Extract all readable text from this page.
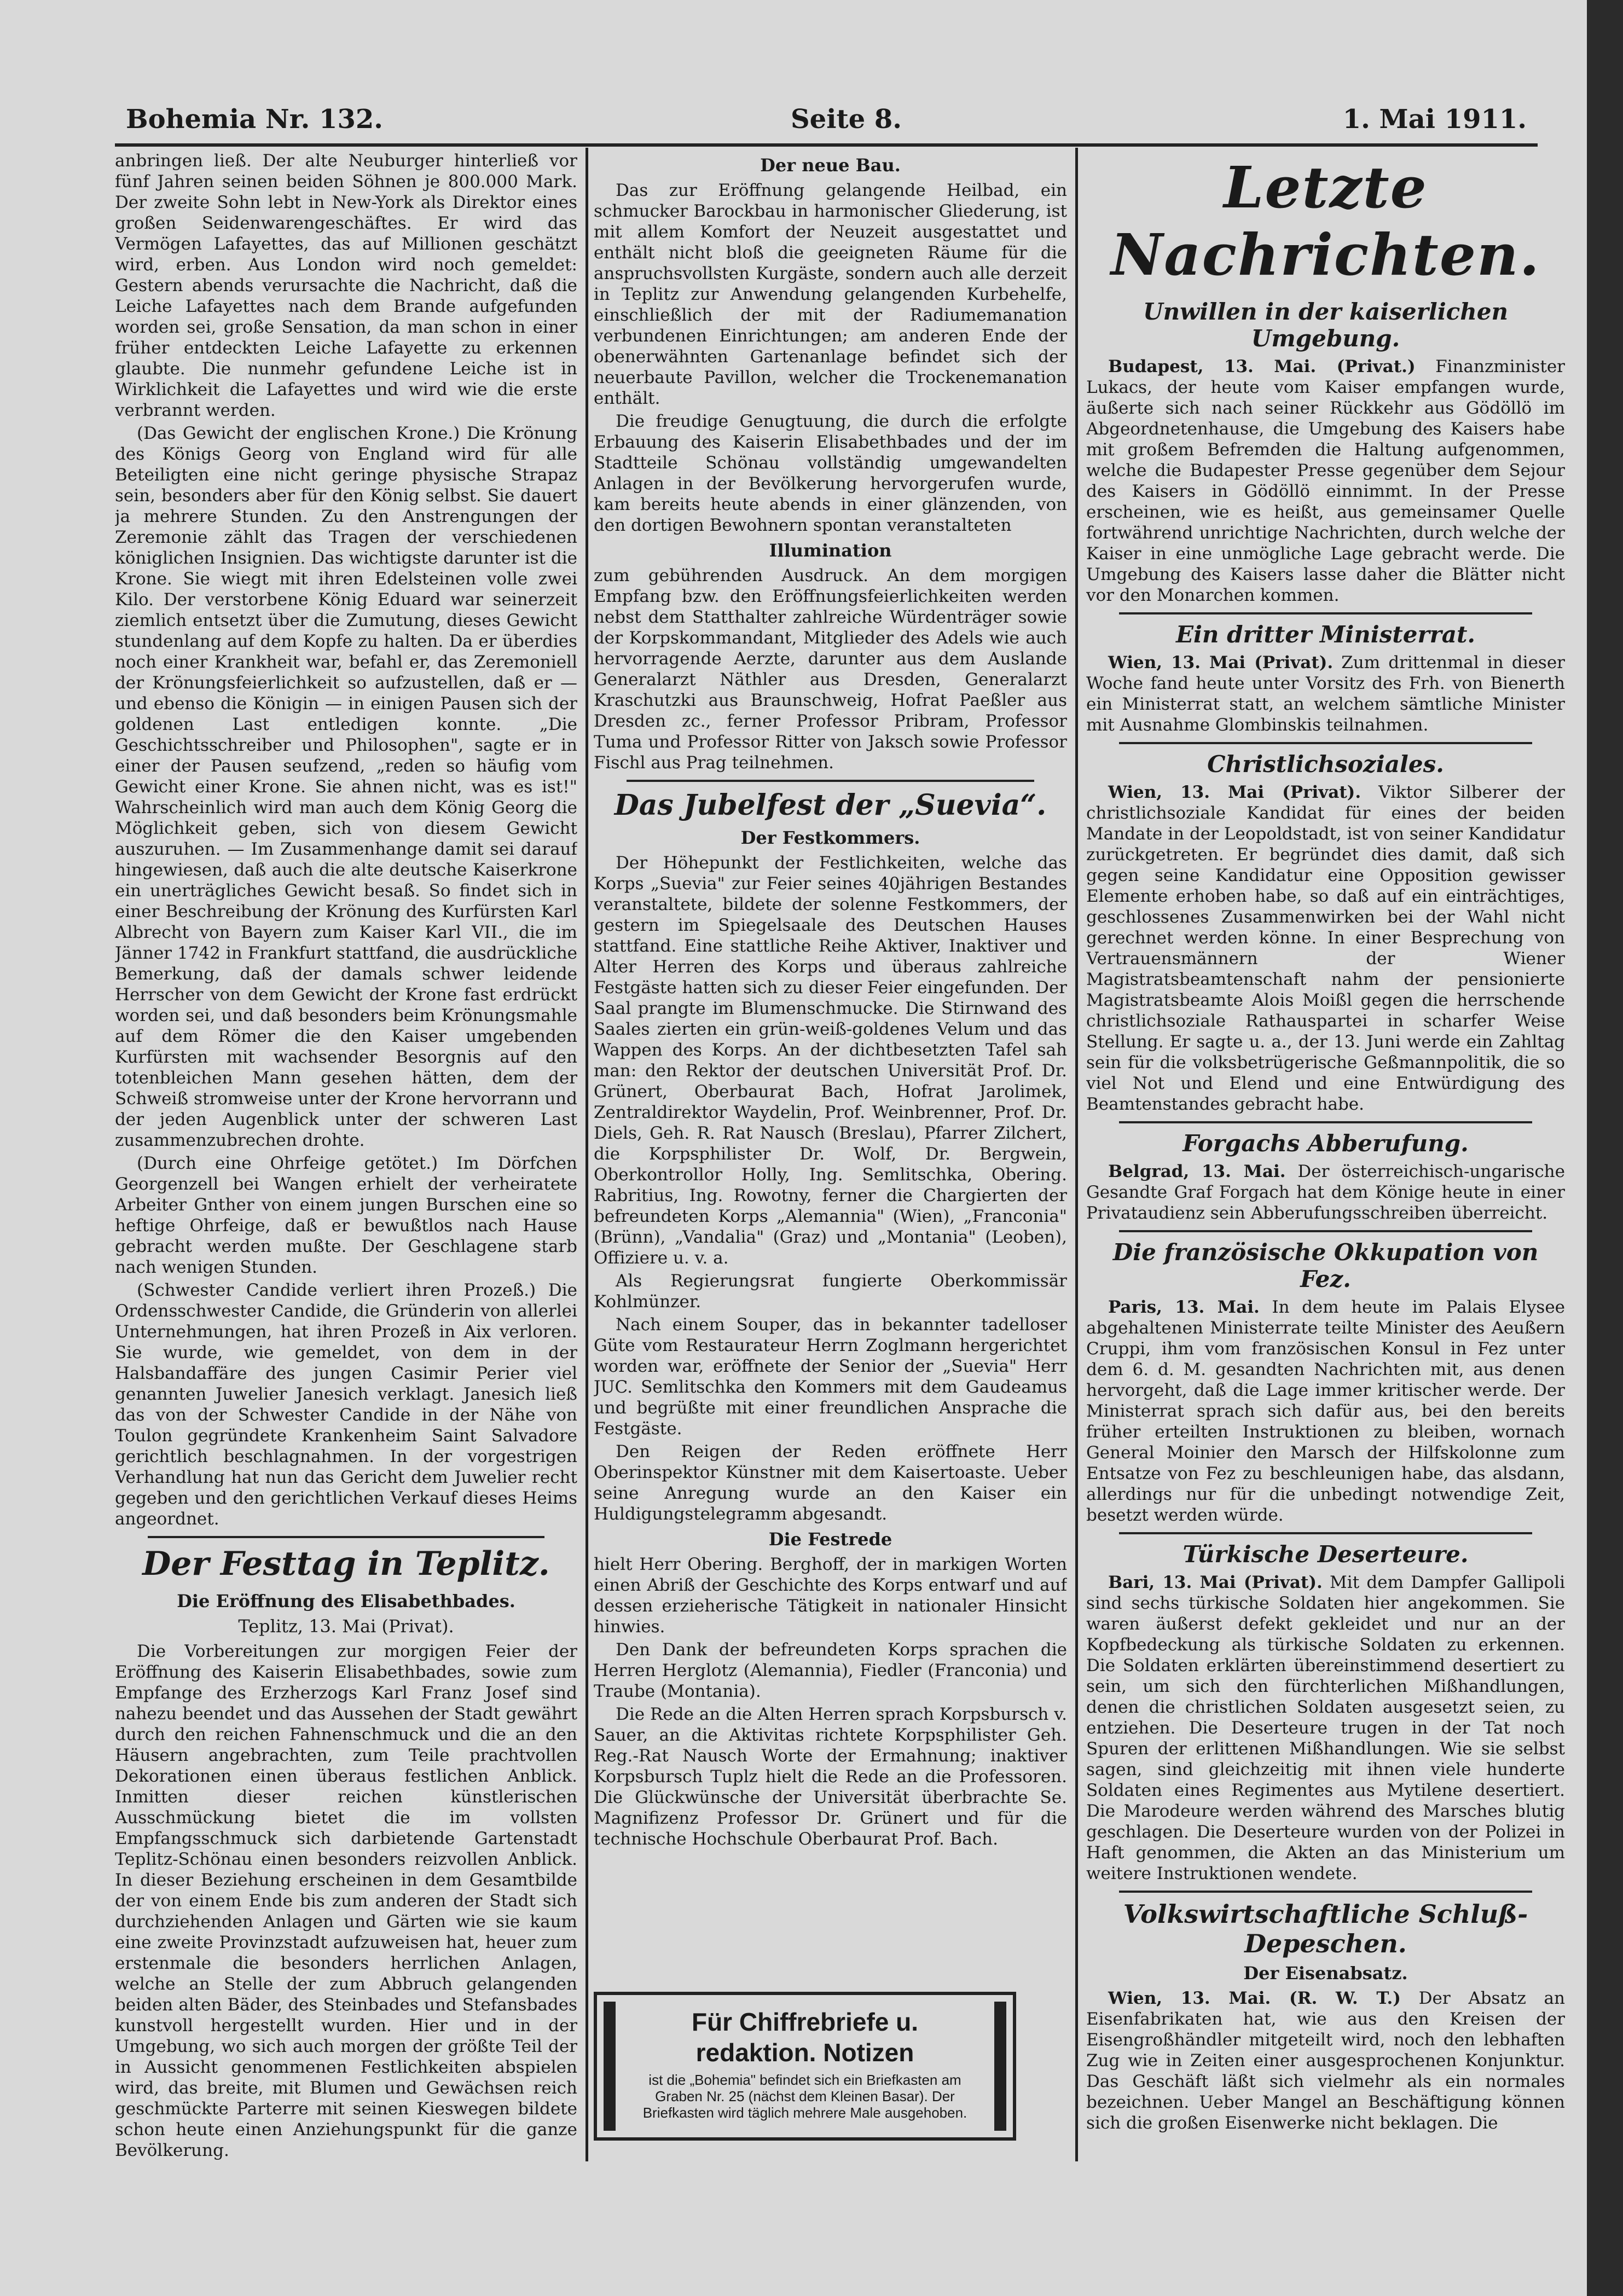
Bohemia Nr. 132.	Seite 8.	1. Mai 1911.

anbringen ließ. Der alte Neuburger hinterließ vor fünf Jahren seinen beiden Söhnen je 800.000 Mark. Der zweite Sohn lebt in New-York als Direktor eines großen Seidenwarengeschäftes. Er wird das Vermögen Lafayettes, das auf Millionen geschätzt wird, erben. Aus London wird noch gemeldet: Gestern abends verursachte die Nachricht, daß die Leiche Lafayettes nach dem Brande aufgefunden worden sei, große Sensation, da man schon in einer früher entdeckten Leiche Lafayette zu erkennen glaubte. Die nunmehr gefundene Leiche ist in Wirklichkeit die Lafayettes und wird wie die erste verbrannt werden.

(Das Gewicht der englischen Krone.) Die Krönung des Königs Georg von England wird für alle Beteiligten eine nicht geringe physische Strapaz sein, besonders aber für den König selbst. Sie dauert ja mehrere Stunden. Zu den Anstrengungen der Zeremonie zählt das Tragen der verschiedenen königlichen Insignien. Das wichtigste darunter ist die Krone. Sie wiegt mit ihren Edelsteinen volle zwei Kilo. Der verstorbene König Eduard war seinerzeit ziemlich entsetzt über die Zumutung, dieses Gewicht stundenlang auf dem Kopfe zu halten. Da er überdies noch einer Krankheit war, befahl er, das Zeremoniell der Krönungsfeierlichkeit so aufzustellen, daß er — und ebenso die Königin — in einigen Pausen sich der goldenen Last entledigen konnte. „Die Geschichtsschreiber und Philosophen", sagte er in einer der Pausen seufzend, „reden so häufig vom Gewicht einer Krone. Sie ahnen nicht, was es ist!" Wahrscheinlich wird man auch dem König Georg die Möglichkeit geben, sich von diesem Gewicht auszuruhen. — Im Zusammenhange damit sei darauf hingewiesen, daß auch die alte deutsche Kaiserkrone ein unerträgliches Gewicht besaß. So findet sich in einer Beschreibung der Krönung des Kurfürsten Karl Albrecht von Bayern zum Kaiser Karl VII., die im Jänner 1742 in Frankfurt stattfand, die ausdrückliche Bemerkung, daß der damals schwer leidende Herrscher von dem Gewicht der Krone fast erdrückt worden sei, und daß besonders beim Krönungsmahle auf dem Römer die den Kaiser umgebenden Kurfürsten mit wachsender Besorgnis auf den totenbleichen Mann gesehen hätten, dem der Schweiß stromweise unter der Krone hervorrann und der jeden Augenblick unter der schweren Last zusammenzubrechen drohte.

(Durch eine Ohrfeige getötet.) Im Dörfchen Georgenzell bei Wangen erhielt der verheiratete Arbeiter Gnther von einem jungen Burschen eine so heftige Ohrfeige, daß er bewußtlos nach Hause gebracht werden mußte. Der Geschlagene starb nach wenigen Stunden.

(Schwester Candide verliert ihren Prozeß.) Die Ordensschwester Candide, die Gründerin von allerlei Unternehmungen, hat ihren Prozeß in Aix verloren. Sie wurde, wie gemeldet, von dem in der Halsbandaffäre des jungen Casimir Perier viel genannten Juwelier Janesich verklagt. Janesich ließ das von der Schwester Candide in der Nähe von Toulon gegründete Krankenheim Saint Salvadore gerichtlich beschlagnahmen. In der vorgestrigen Verhandlung hat nun das Gericht dem Juwelier recht gegeben und den gerichtlichen Verkauf dieses Heims angeordnet.

Der Festtag in Teplitz.
Die Eröffnung des Elisabethbades.
Teplitz, 13. Mai (Privat).

Die Vorbereitungen zur morgigen Feier der Eröffnung des Kaiserin Elisabethbades, sowie zum Empfange des Erzherzogs Karl Franz Josef sind nahezu beendet und das Aussehen der Stadt gewährt durch den reichen Fahnenschmuck und die an den Häusern angebrachten, zum Teile prachtvollen Dekorationen einen überaus festlichen Anblick. Inmitten dieser reichen künstlerischen Ausschmückung bietet die im vollsten Empfangsschmuck sich darbietende Gartenstadt Teplitz-Schönau einen besonders reizvollen Anblick. In dieser Beziehung erscheinen in dem Gesamtbilde der von einem Ende bis zum anderen der Stadt sich durchziehenden Anlagen und Gärten wie sie kaum eine zweite Provinzstadt aufzuweisen hat, heuer zum erstenmale die besonders herrlichen Anlagen, welche an Stelle der zum Abbruch gelangenden beiden alten Bäder, des Steinbades und Stefansbades kunstvoll hergestellt wurden. Hier und in der Umgebung, wo sich auch morgen der größte Teil der in Aussicht genommenen Festlichkeiten abspielen wird, das breite, mit Blumen und Gewächsen reich geschmückte Parterre mit seinen Kieswegen bildete schon heute einen Anziehungspunkt für die ganze Bevölkerung.

Der neue Bau.

Das zur Eröffnung gelangende Heilbad, ein schmucker Barockbau in harmonischer Gliederung, ist mit allem Komfort der Neuzeit ausgestattet und enthält nicht bloß die geeigneten Räume für die anspruchsvollsten Kurgäste, sondern auch alle derzeit in Teplitz zur Anwendung gelangenden Kurbehelfe, einschließlich der mit der Radiumemanation verbundenen Einrichtungen; am anderen Ende der obenerwähnten Gartenanlage befindet sich der neuerbaute Pavillon, welcher die Trockenemanation enthält.

Die freudige Genugtuung, die durch die erfolgte Erbauung des Kaiserin Elisabethbades und der im Stadtteile Schönau vollständig umgewandelten Anlagen in der Bevölkerung hervorgerufen wurde, kam bereits heute abends in einer glänzenden, von den dortigen Bewohnern spontan veranstalteten

Illumination

zum gebührenden Ausdruck. An dem morgigen Empfang bzw. den Eröffnungsfeierlichkeiten werden nebst dem Statthalter zahlreiche Würdenträger sowie der Korpskommandant, Mitglieder des Adels wie auch hervorragende Aerzte, darunter aus dem Auslande Generalarzt Näthler aus Dresden, Generalarzt Kraschutzki aus Braunschweig, Hofrat Paeßler aus Dresden zc., ferner Professor Pribram, Professor Tuma und Professor Ritter von Jaksch sowie Professor Fischl aus Prag teilnehmen.

Das Jubelfest der „Suevia“.
Der Festkommers.

Der Höhepunkt der Festlichkeiten, welche das Korps „Suevia" zur Feier seines 40jährigen Bestandes veranstaltete, bildete der solenne Festkommers, der gestern im Spiegelsaale des Deutschen Hauses stattfand. Eine stattliche Reihe Aktiver, Inaktiver und Alter Herren des Korps und überaus zahlreiche Festgäste hatten sich zu dieser Feier eingefunden. Der Saal prangte im Blumenschmucke. Die Stirnwand des Saales zierten ein grün-weiß-goldenes Velum und das Wappen des Korps. An der dichtbesetzten Tafel sah man: den Rektor der deutschen Universität Prof. Dr. Grünert, Oberbaurat Bach, Hofrat Jarolimek, Zentraldirektor Waydelin, Prof. Weinbrenner, Prof. Dr. Diels, Geh. R. Rat Nausch (Breslau), Pfarrer Zilchert, die Korpsphilister Dr. Wolf, Dr. Bergwein, Oberkontrollor Holly, Ing. Semlitschka, Obering. Rabritius, Ing. Rowotny, ferner die Chargierten der befreundeten Korps „Alemannia" (Wien), „Franconia" (Brünn), „Vandalia" (Graz) und „Montania" (Leoben), Offiziere u. v. a.

Als Regierungsrat fungierte Oberkommissär Kohlmünzer.

Nach einem Souper, das in bekannter tadelloser Güte vom Restaurateur Herrn Zoglmann hergerichtet worden war, eröffnete der Senior der „Suevia" Herr JUC. Semlitschka den Kommers mit dem Gaudeamus und begrüßte mit einer freundlichen Ansprache die Festgäste.

Den Reigen der Reden eröffnete Herr Oberinspektor Künstner mit dem Kaisertoaste. Ueber seine Anregung wurde an den Kaiser ein Huldigungstelegramm abgesandt.

Die Festrede

hielt Herr Obering. Berghoff, der in markigen Worten einen Abriß der Geschichte des Korps entwarf und auf dessen erzieherische Tätigkeit in nationaler Hinsicht hinwies.

Den Dank der befreundeten Korps sprachen die Herren Herglotz (Alemannia), Fiedler (Franconia) und Traube (Montania).

Die Rede an die Alten Herren sprach Korpsbursch v. Sauer, an die Aktivitas richtete Korpsphilister Geh. Reg.-Rat Nausch Worte der Ermahnung; inaktiver Korpsbursch Tuplz hielt die Rede an die Professoren. Die Glückwünsche der Universität überbrachte Se. Magnifizenz Professor Dr. Grünert und für die technische Hochschule Oberbaurat Prof. Bach.

Für Chiffrebriefe u.
redaktion. Notizen
ist die „Bohemia" befindet sich ein Briefkasten am Graben Nr. 25 (nächst dem Kleinen Basar). Der Briefkasten wird täglich mehrere Male ausgehoben.
Letzte Nachrichten.
Unwillen in der kaiserlichen Umgebung.

Budapest, 13. Mai. (Privat.) Finanzminister Lukacs, der heute vom Kaiser empfangen wurde, äußerte sich nach seiner Rückkehr aus Gödöllö im Abgeordnetenhause, die Umgebung des Kaisers habe mit großem Befremden die Haltung aufgenommen, welche die Budapester Presse gegenüber dem Sejour des Kaisers in Gödöllö einnimmt. In der Presse erscheinen, wie es heißt, aus gemeinsamer Quelle fortwährend unrichtige Nachrichten, durch welche der Kaiser in eine unmögliche Lage gebracht werde. Die Umgebung des Kaisers lasse daher die Blätter nicht vor den Monarchen kommen.

Ein dritter Ministerrat.

Wien, 13. Mai (Privat). Zum drittenmal in dieser Woche fand heute unter Vorsitz des Frh. von Bienerth ein Ministerrat statt, an welchem sämtliche Minister mit Ausnahme Glombinskis teilnahmen.

Christlichsoziales.

Wien, 13. Mai (Privat). Viktor Silberer der christlichsoziale Kandidat für eines der beiden Mandate in der Leopoldstadt, ist von seiner Kandidatur zurückgetreten. Er begründet dies damit, daß sich gegen seine Kandidatur eine Opposition gewisser Elemente erhoben habe, so daß auf ein einträchtiges, geschlossenes Zusammenwirken bei der Wahl nicht gerechnet werden könne. In einer Besprechung von Vertrauensmännern der Wiener Magistratsbeamtenschaft nahm der pensionierte Magistratsbeamte Alois Moißl gegen die herrschende christlichsoziale Rathauspartei in scharfer Weise Stellung. Er sagte u. a., der 13. Juni werde ein Zahltag sein für die volksbetrügerische Geßmannpolitik, die so viel Not und Elend und eine Entwürdigung des Beamtenstandes gebracht habe.

Forgachs Abberufung.

Belgrad, 13. Mai. Der österreichisch-ungarische Gesandte Graf Forgach hat dem Könige heute in einer Privataudienz sein Abberufungsschreiben überreicht.

Die französische Okkupation von Fez.

Paris, 13. Mai. In dem heute im Palais Elysee abgehaltenen Ministerrate teilte Minister des Aeußern Cruppi, ihm vom französischen Konsul in Fez unter dem 6. d. M. gesandten Nachrichten mit, aus denen hervorgeht, daß die Lage immer kritischer werde. Der Ministerrat sprach sich dafür aus, bei den bereits früher erteilten Instruktionen zu bleiben, wornach General Moinier den Marsch der Hilfskolonne zum Entsatze von Fez zu beschleunigen habe, das alsdann, allerdings nur für die unbedingt notwendige Zeit, besetzt werden würde.

Türkische Deserteure.

Bari, 13. Mai (Privat). Mit dem Dampfer Gallipoli sind sechs türkische Soldaten hier angekommen. Sie waren äußerst defekt gekleidet und nur an der Kopfbedeckung als türkische Soldaten zu erkennen. Die Soldaten erklärten übereinstimmend desertiert zu sein, um sich den fürchterlichen Mißhandlungen, denen die christlichen Soldaten ausgesetzt seien, zu entziehen. Die Deserteure trugen in der Tat noch Spuren der erlittenen Mißhandlungen. Wie sie selbst sagen, sind gleichzeitig mit ihnen viele hunderte Soldaten eines Regimentes aus Mytilene desertiert. Die Marodeure werden während des Marsches blutig geschlagen. Die Deserteure wurden von der Polizei in Haft genommen, die Akten an das Ministerium um weitere Instruktionen wendete.

Volkswirtschaftliche Schluß-Depeschen.
Der Eisenabsatz.

Wien, 13. Mai. (R. W. T.) Der Absatz an Eisenfabrikaten hat, wie aus den Kreisen der Eisengroßhändler mitgeteilt wird, noch den lebhaften Zug wie in Zeiten einer ausgesprochenen Konjunktur. Das Geschäft läßt sich vielmehr als ein normales bezeichnen. Ueber Mangel an Beschäftigung können sich die großen Eisenwerke nicht beklagen. Die
